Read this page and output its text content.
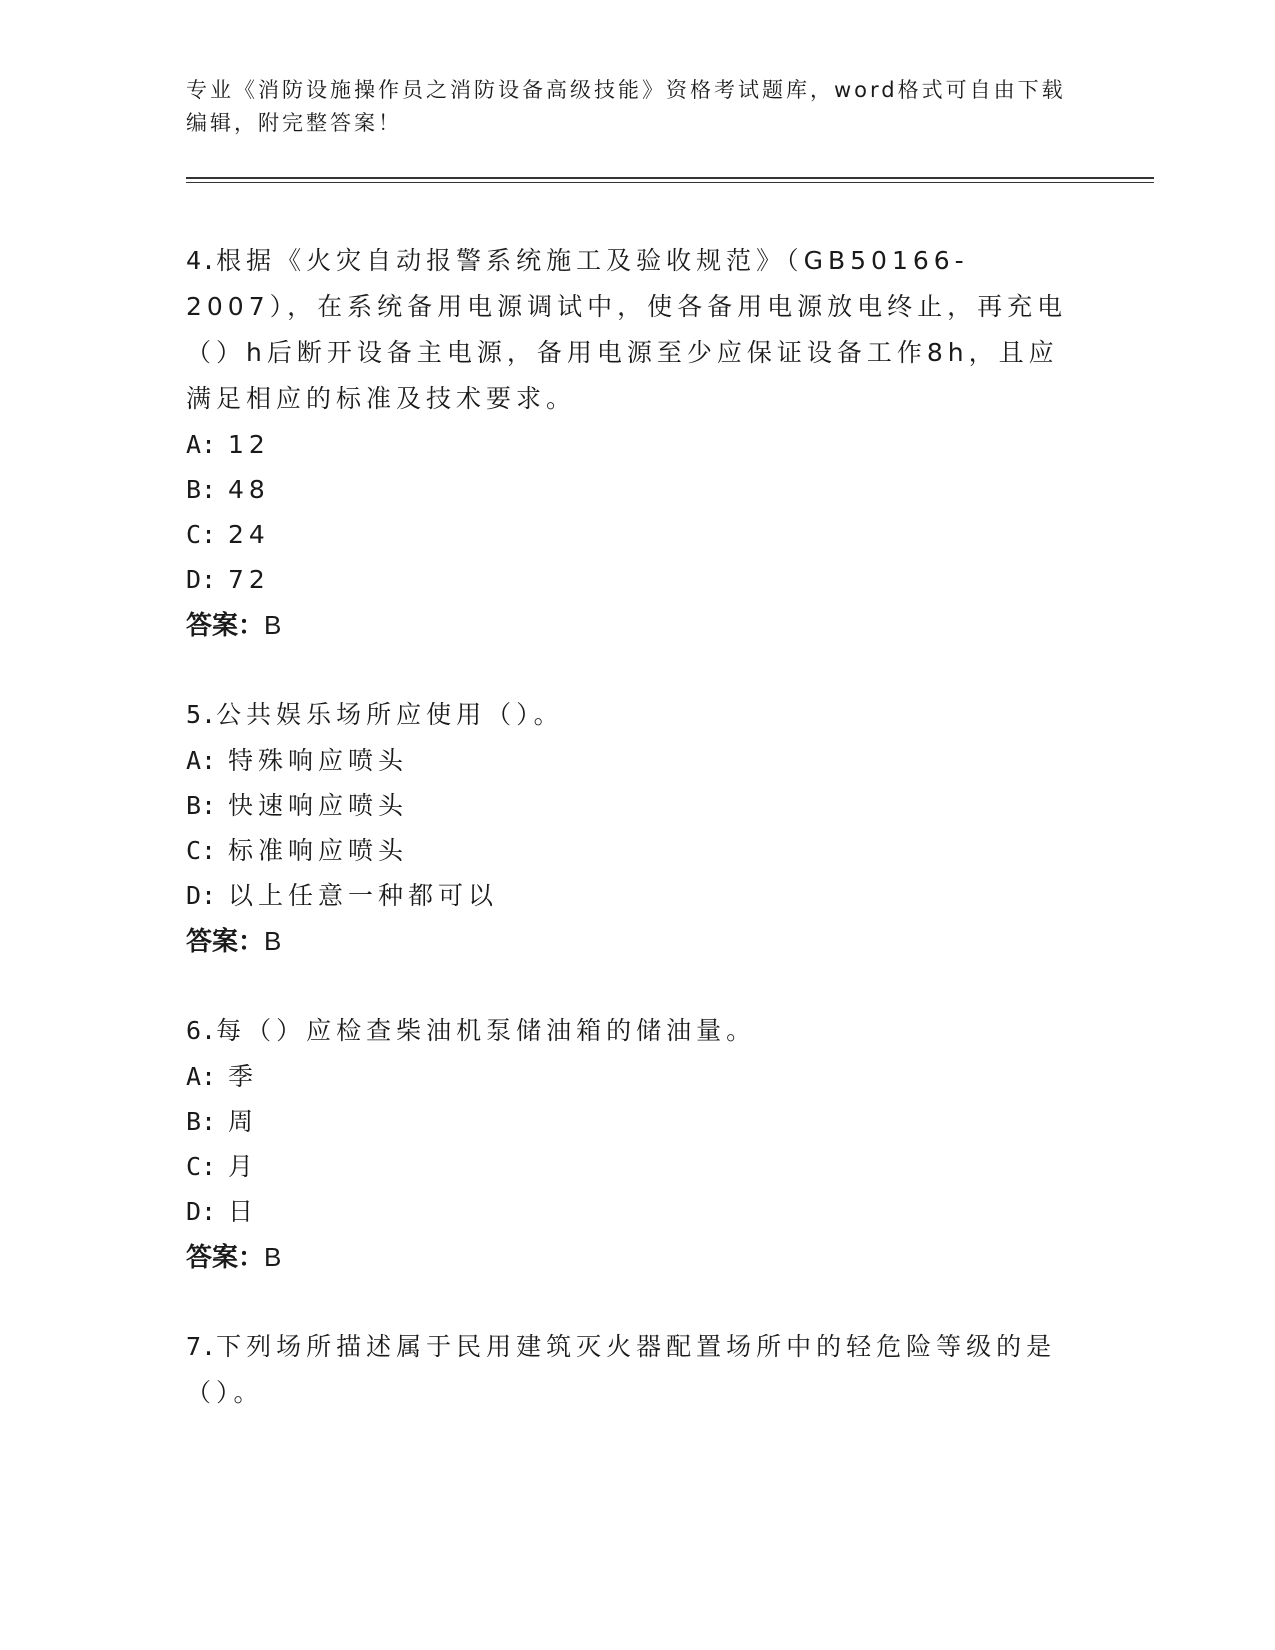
专业《消防设施操作员之消防设备高级技能》资格考试题库，word格式可自由下载编辑，附完整答案！
4.根据《火灾自动报警系统施工及验收规范》（GB50166-2007），在系统备用电源调试中，使各备用电源放电终止，再充电（）h后断开设备主电源，备用电源至少应保证设备工作8h，且应满足相应的标准及技术要求。
A: 12
B: 48
C: 24
D: 72
答案：B
5.公共娱乐场所应使用（）。
A: 特殊响应喷头
B: 快速响应喷头
C: 标准响应喷头
D: 以上任意一种都可以
答案：B
6.每（）应检查柴油机泵储油箱的储油量。
A: 季
B: 周
C: 月
D: 日
答案：B
7.下列场所描述属于民用建筑灭火器配置场所中的轻危险等级的是（）。
